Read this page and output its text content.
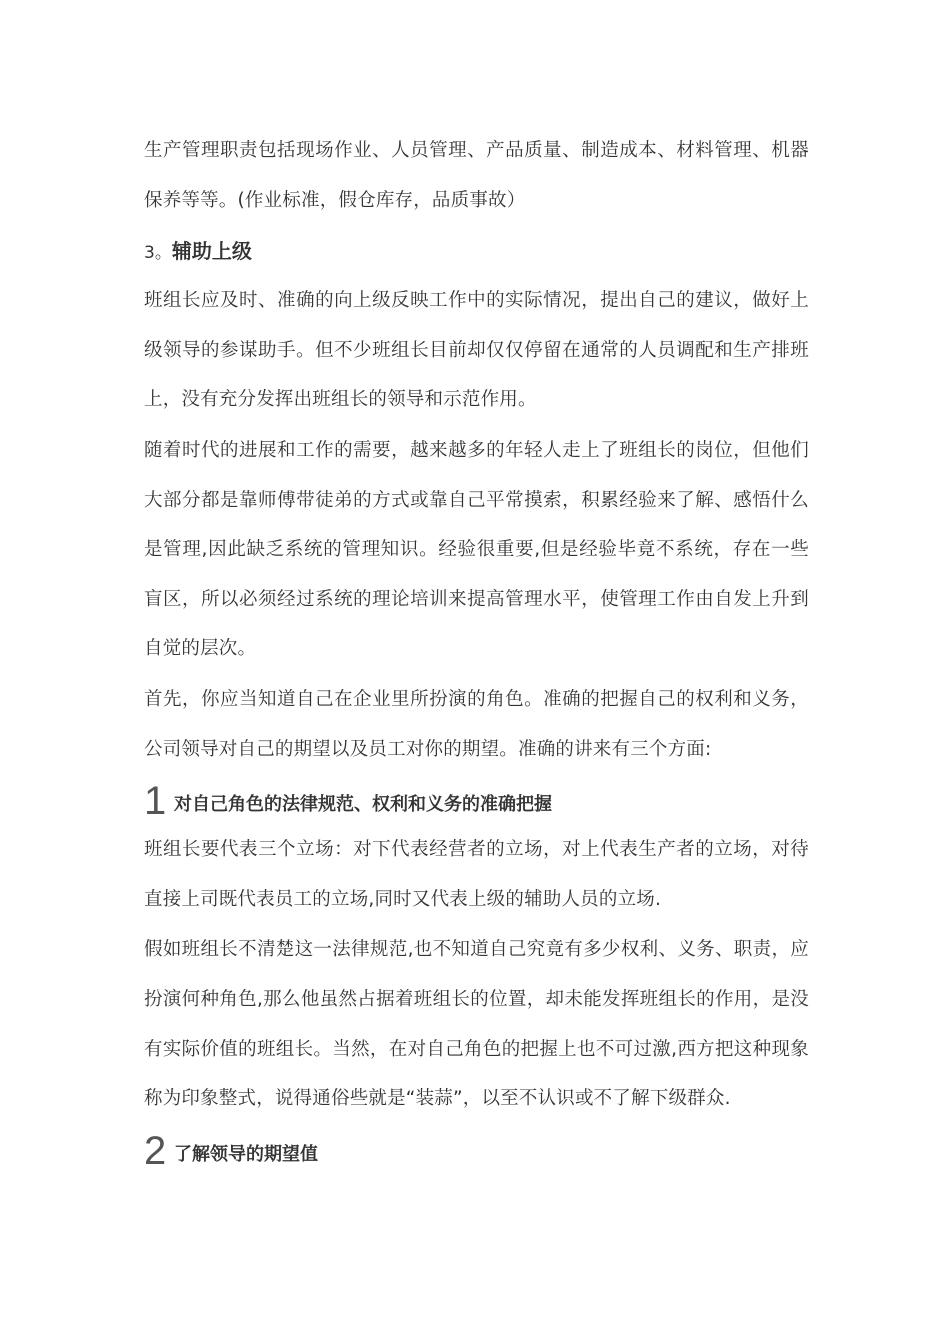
生产管理职责包括现场作业、人员管理、产品质量、制造成本、材料管理、机器保养等等。(作业标准，假仓库存，品质事故）

3。辅助上级

班组长应及时、准确的向上级反映工作中的实际情况，提出自己的建议，做好上级领导的参谋助手。但不少班组长目前却仅仅停留在通常的人员调配和生产排班上，没有充分发挥出班组长的领导和示范作用。

随着时代的进展和工作的需要，越来越多的年轻人走上了班组长的岗位，但他们大部分都是靠师傅带徒弟的方式或靠自己平常摸索，积累经验来了解、感悟什么是管理,因此缺乏系统的管理知识。经验很重要,但是经验毕竟不系统，存在一些盲区，所以必须经过系统的理论培训来提高管理水平，使管理工作由自发上升到自觉的层次。

首先，你应当知道自己在企业里所扮演的角色。准确的把握自己的权利和义务，公司领导对自己的期望以及员工对你的期望。准确的讲来有三个方面:

1 对自己角色的法律规范、权利和义务的准确把握

班组长要代表三个立场：对下代表经营者的立场，对上代表生产者的立场，对待直接上司既代表员工的立场,同时又代表上级的辅助人员的立场.

假如班组长不清楚这一法律规范,也不知道自己究竟有多少权利、义务、职责，应扮演何种角色,那么他虽然占据着班组长的位置，却未能发挥班组长的作用，是没有实际价值的班组长。当然，在对自己角色的把握上也不可过激,西方把这种现象称为印象整式，说得通俗些就是“装蒜”，以至不认识或不了解下级群众.

2 了解领导的期望值
